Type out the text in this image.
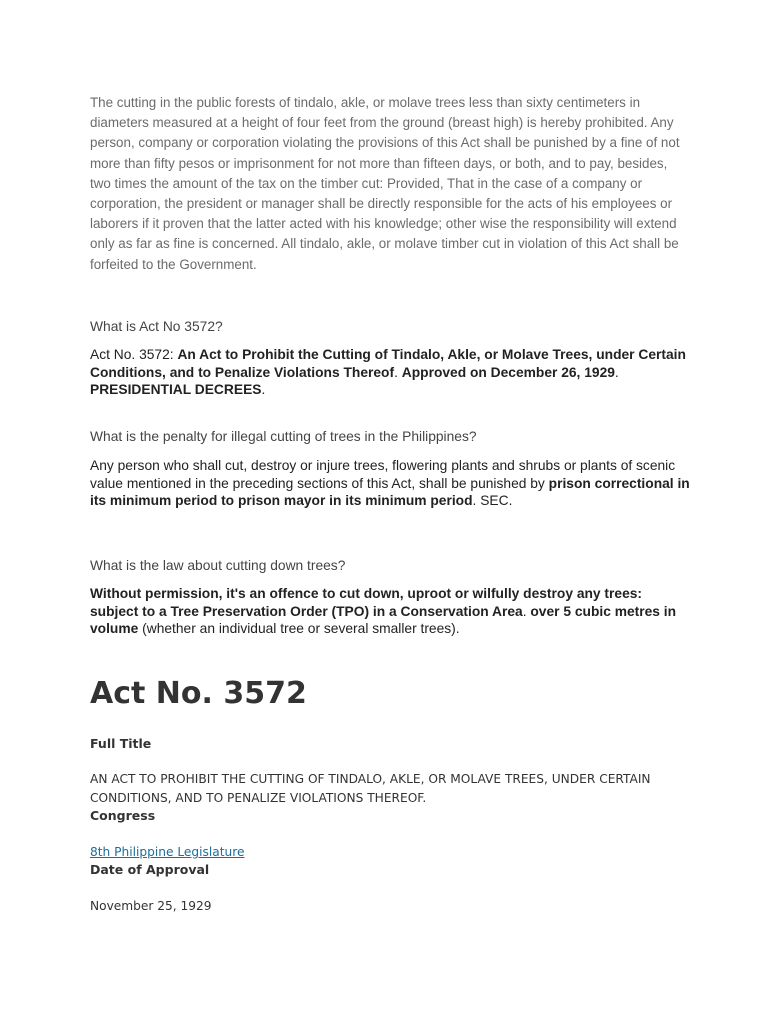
The cutting in the public forests of tindalo, akle, or molave trees less than sixty centimeters in diameters measured at a height of four feet from the ground (breast high) is hereby prohibited. Any person, company or corporation violating the provisions of this Act shall be punished by a fine of not more than fifty pesos or imprisonment for not more than fifteen days, or both, and to pay, besides, two times the amount of the tax on the timber cut: Provided, That in the case of a company or corporation, the president or manager shall be directly responsible for the acts of his employees or laborers if it proven that the latter acted with his knowledge; other wise the responsibility will extend only as far as fine is concerned. All tindalo, akle, or molave timber cut in violation of this Act shall be forfeited to the Government.

What is Act No 3572?

Act No. 3572: An Act to Prohibit the Cutting of Tindalo, Akle, or Molave Trees, under Certain Conditions, and to Penalize Violations Thereof. Approved on December 26, 1929. PRESIDENTIAL DECREES.

What is the penalty for illegal cutting of trees in the Philippines?

Any person who shall cut, destroy or injure trees, flowering plants and shrubs or plants of scenic value mentioned in the preceding sections of this Act, shall be punished by prison correctional in its minimum period to prison mayor in its minimum period. SEC.

What is the law about cutting down trees?

Without permission, it's an offence to cut down, uproot or wilfully destroy any trees: subject to a Tree Preservation Order (TPO) in a Conservation Area. over 5 cubic metres in volume (whether an individual tree or several smaller trees).

Act No. 3572

Full Title

AN ACT TO PROHIBIT THE CUTTING OF TINDALO, AKLE, OR MOLAVE TREES, UNDER CERTAIN CONDITIONS, AND TO PENALIZE VIOLATIONS THEREOF.

Congress

8th Philippine Legislature

Date of Approval

November 25, 1929
